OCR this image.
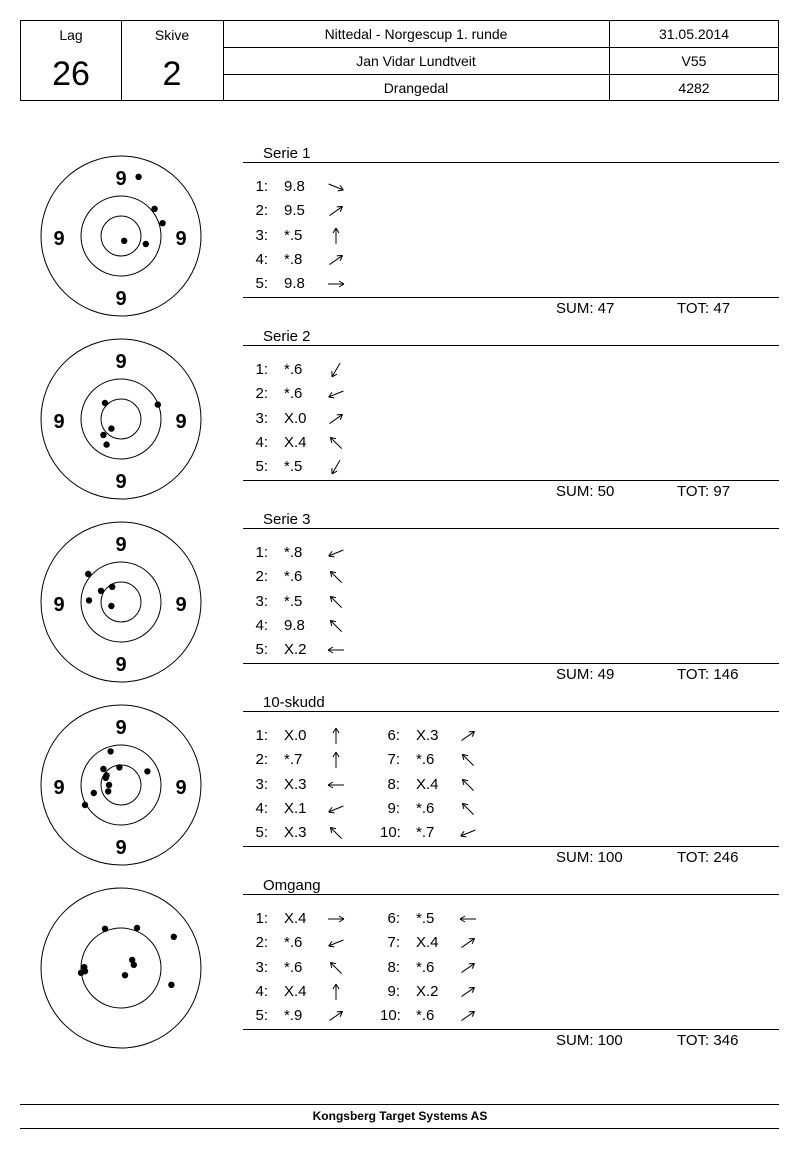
Lag
26
Skive
2
Nittedal - Norgescup 1. runde	31.05.2014
Jan Vidar Lundtveit	V55
Drangedal	4282
9
9
9	9
Serie 1
1: 9.8
2: 9.5
3: *.5
4: *.8
5: 9.8
SUM: 47	TOT: 47
9
9
9	9
Serie 2
1: *.6
2: *.6
3: X.0
4: X.4
5: *.5
SUM: 50	TOT: 97
9
9
9	9
Serie 3
1: *.8
2: *.6
3: *.5
4: 9.8
5: X.2
SUM: 49	TOT: 146
9
9
9	9
10-skudd
1: X.0
2: *.7
3: X.3
4: X.1
5: X.3
6: X.3
7: *.6
8: X.4
9: *.6
10: *.7
SUM: 100	TOT: 246
Omgang
1: X.4
2: *.6
3: *.6
4: X.4
5: *.9
6: *.5
7: X.4
8: *.6
9: X.2
10: *.6
SUM: 100	TOT: 346
Kongsberg Target Systems AS
